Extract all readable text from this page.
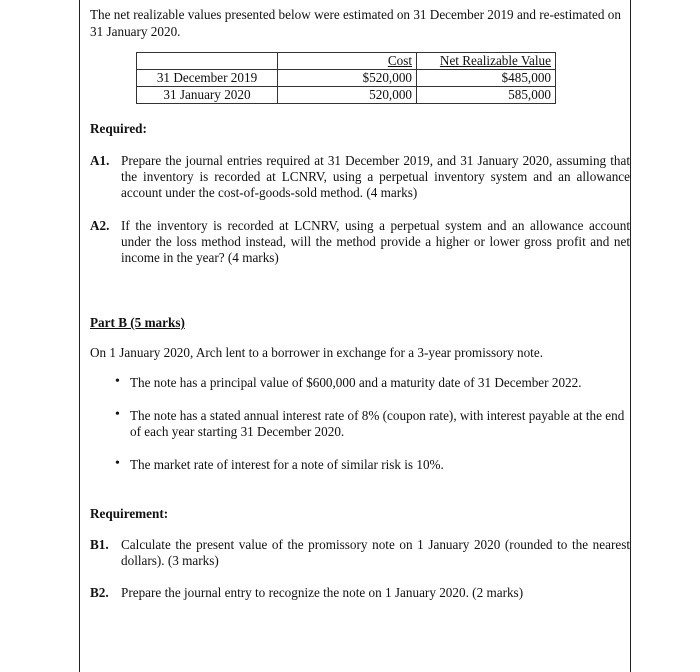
The net realizable values presented below were estimated on 31 December 2019 and re-estimated on 31 January 2020.

	Cost	Net Realizable Value
31 December 2019	$520,000	$485,000
31 January 2020	520,000	585,000

Required:

A1. Prepare the journal entries required at 31 December 2019, and 31 January 2020, assuming that the inventory is recorded at LCNRV, using a perpetual inventory system and an allowance account under the cost-of-goods-sold method. (4 marks)
A2. If the inventory is recorded at LCNRV, using a perpetual system and an allowance account under the loss method instead, will the method provide a higher or lower gross profit and net income in the year? (4 marks)

Part B (5 marks)

On 1 January 2020, Arch lent to a borrower in exchange for a 3-year promissory note.

• The note has a principal value of $600,000 and a maturity date of 31 December 2022.
• The note has a stated annual interest rate of 8% (coupon rate), with interest payable at the end of each year starting 31 December 2020.
• The market rate of interest for a note of similar risk is 10%.

Requirement:

B1. Calculate the present value of the promissory note on 1 January 2020 (rounded to the nearest dollars). (3 marks)
B2. Prepare the journal entry to recognize the note on 1 January 2020. (2 marks)
